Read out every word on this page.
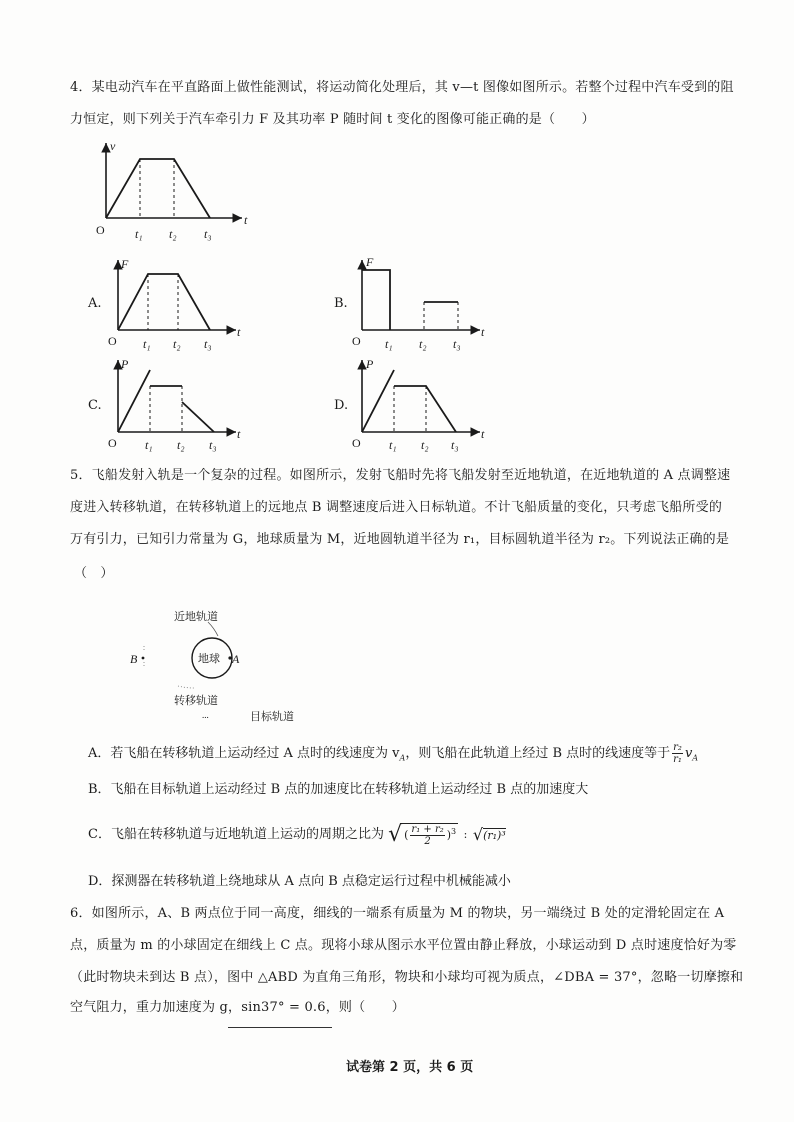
4．某电动汽车在平直路面上做性能测试，将运动简化处理后，其 v—t 图像如图所示。若整个过程中汽车受到的阻
力恒定，则下列关于汽车牵引力 F 及其功率 P 随时间 t 变化的图像可能正确的是（　　）
v
t
O	t₁ t₂ t₃
A.
F
t
O t₁ t₂ t₃
B.
F
t
O t₁ t₂ t₃
C.
P
t
O t₁ t₂ t₃
D.
P
t
O t₁ t₂ t₃
5．飞船发射入轨是一个复杂的过程。如图所示，发射飞船时先将飞船发射至近地轨道，在近地轨道的 A 点调整速
度进入转移轨道，在转移轨道上的远地点 B 调整速度后进入日标轨道。不计飞船质量的变化，只考虑飞船所受的
万有引力，已知引力常量为 G，地球质量为 M，近地圆轨道半径为 r₁，目标圆轨道半径为 r₂。下列说法正确的是
（　）
近地轨道
地球 A
B
转移轨道
...	目标轨道
A．若飞船在转移轨道上运动经过 A 点时的线速度为 $v_A$，则飞船在此轨道上经过 B 点时的线速度等于 $\frac{\text{r₂}}{\text{r₁}} v_A$
B．飞船在目标轨道上运动经过 B 点的加速度比在转移轨道上运动经过 B 点的加速度大
C．飞船在转移轨道与近地轨道上运动的周期之比为 √ ( $\frac{\text{r₁ + r₂}}{2} )^3$ : √(r₁)³
D．探测器在转移轨道上绕地球从 A 点向 B 点稳定运行过程中机械能减小
6．如图所示，A、B 两点位于同一高度，细线的一端系有质量为 M 的物块，另一端绕过 B 处的定滑轮固定在 A
点，质量为 m 的小球固定在细线上 C 点。现将小球从图示水平位置由静止释放，小球运动到 D 点时速度恰好为零
（此时物块未到达 B 点），图中 △ABD 为直角三角形，物块和小球均可视为质点，∠DBA = 37°，忽略一切摩擦和
空气阻力，重力加速度为 g，sin37° = 0.6，则（　　）
试卷第 2 页，共 6 页
